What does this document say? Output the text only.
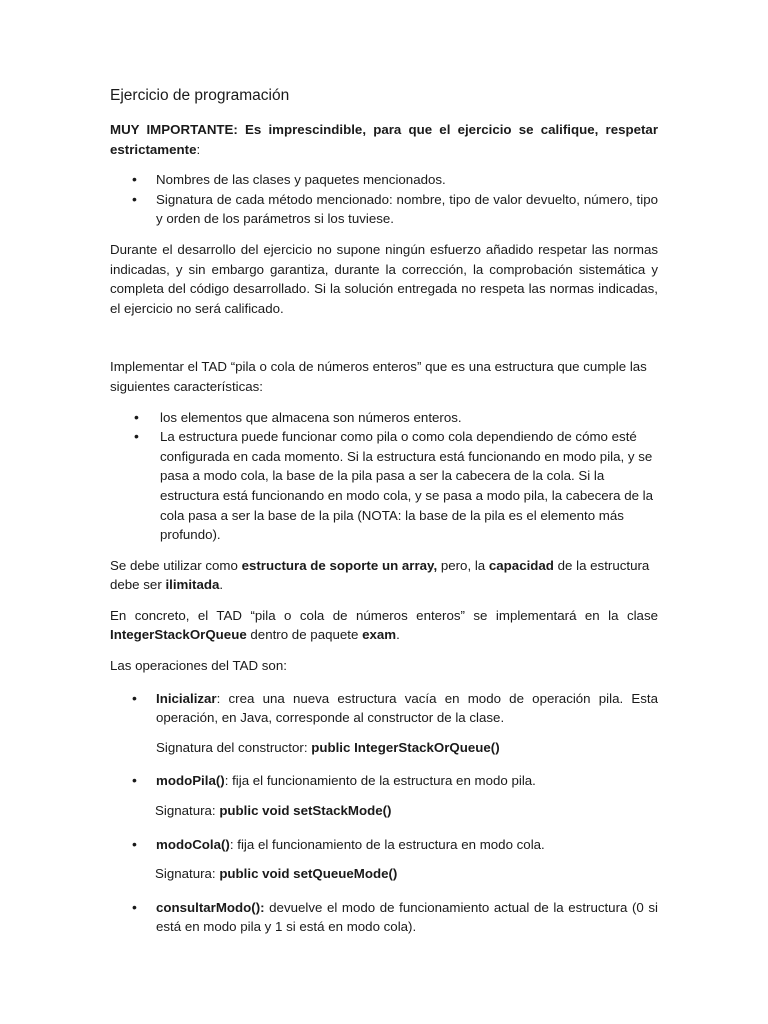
Ejercicio de programación

MUY IMPORTANTE: Es imprescindible, para que el ejercicio se califique, respetar estrictamente:

• Nombres de las clases y paquetes mencionados.
• Signatura de cada método mencionado: nombre, tipo de valor devuelto, número, tipo y orden de los parámetros si los tuviese.

Durante el desarrollo del ejercicio no supone ningún esfuerzo añadido respetar las normas indicadas, y sin embargo garantiza, durante la corrección, la comprobación sistemática y completa del código desarrollado. Si la solución entregada no respeta las normas indicadas, el ejercicio no será calificado.

Implementar el TAD “pila o cola de números enteros” que es una estructura que cumple las siguientes características:

• los elementos que almacena son números enteros.
• La estructura puede funcionar como pila o como cola dependiendo de cómo esté configurada en cada momento. Si la estructura está funcionando en modo pila, y se pasa a modo cola, la base de la pila pasa a ser la cabecera de la cola. Si la estructura está funcionando en modo cola, y se pasa a modo pila, la cabecera de la cola pasa a ser la base de la pila (NOTA: la base de la pila es el elemento más profundo).

Se debe utilizar como estructura de soporte un array, pero, la capacidad de la estructura debe ser ilimitada.

En concreto, el TAD “pila o cola de números enteros” se implementará en la clase IntegerStackOrQueue dentro de paquete exam.

Las operaciones del TAD son:

• Inicializar: crea una nueva estructura vacía en modo de operación pila. Esta operación, en Java, corresponde al constructor de la clase.
Signatura del constructor: public IntegerStackOrQueue()
• modoPila(): fija el funcionamiento de la estructura en modo pila.
Signatura: public void setStackMode()
• modoCola(): fija el funcionamiento de la estructura en modo cola.
Signatura: public void setQueueMode()
• consultarModo(): devuelve el modo de funcionamiento actual de la estructura (0 si está en modo pila y 1 si está en modo cola).
